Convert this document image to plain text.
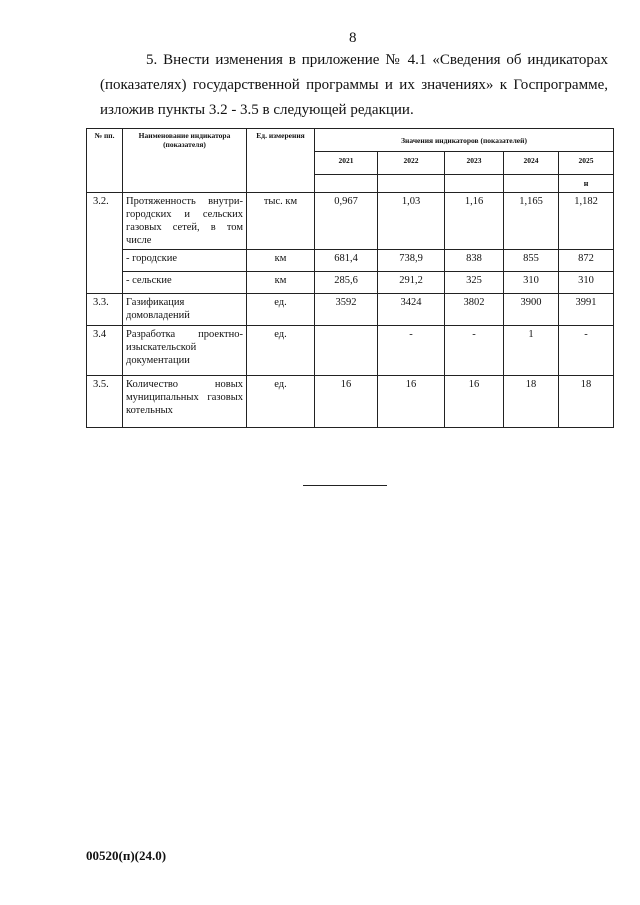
8
5. Внести изменения в приложение № 4.1 «Сведения об индикаторах
(показателях) государственной программы и их значениях» к Госпрограмме,
изложив пункты 3.2 - 3.5 в следующей редакции.
№ пп.	Наименование индикатора (показателя)	Ед. измерения	Значения индикаторов (показателей)				
			2021	2022	2023	2024	2025
							н
3.2.	Протяженность внутри-городских и сельских газовых сетей, в том числе	тыс. км	0,967	1,03	1,16	1,165	1,182
	- городские	км	681,4	738,9	838	855	872
	- сельские	км	285,6	291,2	325	310	310
3.3.	Газификация домовладений	ед.	3592	3424	3802	3900	3991
3.4	Разработка проектно-изыскательской документации	ед.		-	-	1	-
3.5.	Количество новых муниципальных газовых котельных	ед.	16	16	16	18	18
00520(п)(24.0)
